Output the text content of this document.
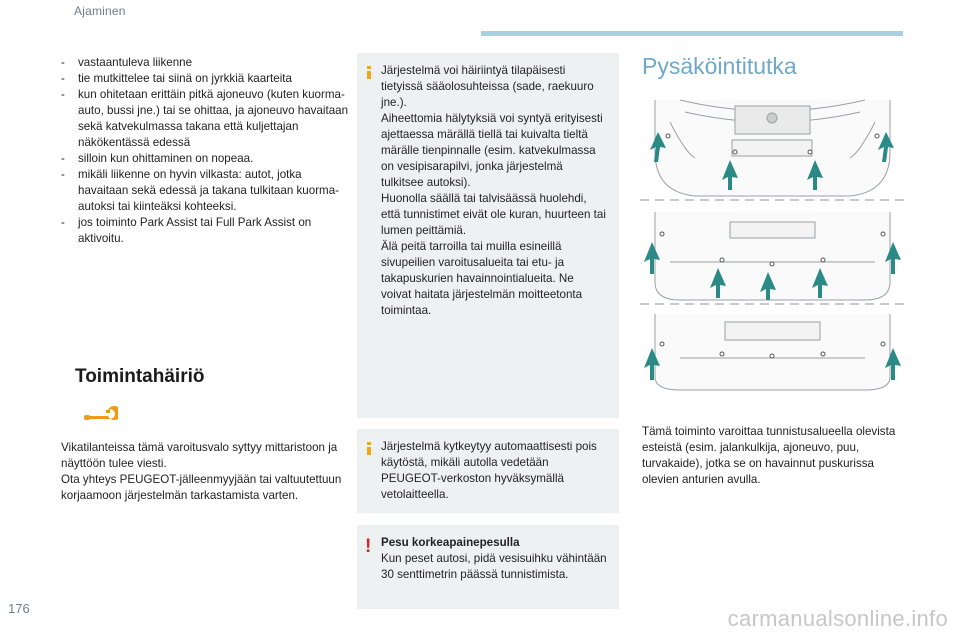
Ajaminen
- vastaantuleva liikenne
- tie mutkittelee tai siinä on jyrkkiä kaarteita
- kun ohitetaan erittäin pitkä ajoneuvo (kuten kuorma-auto, bussi jne.) tai se ohittaa, ja ajoneuvo havaitaan sekä katvekulmassa takana että kuljettajan näkökentässä edessä
- silloin kun ohittaminen on nopeaa.
- mikäli liikenne on hyvin vilkasta: autot, jotka havaitaan sekä edessä ja takana tulkitaan kuorma-autoksi tai kiinteäksi kohteeksi.
- jos toiminto Park Assist tai Full Park Assist on aktivoitu.
Toimintahäiriö

Vikatilanteissa tämä varoitusvalo syttyy mittaristoon ja näyttöön tulee viesti.
Ota yhteys PEUGEOT-jälleenmyyjään tai valtuutettuun korjaamoon järjestelmän tarkastamista varten.

Järjestelmä voi häiriintyä tilapäisesti tietyissä sääolosuhteissa (sade, raekuuro jne.).
Aiheettomia hälytyksiä voi syntyä erityisesti ajettaessa märällä tiellä tai kuivalta tieltä märälle tienpinnalle (esim. katvekulmassa on vesipisarapilvi, jonka järjestelmä tulkitsee autoksi).
Huonolla säällä tai talvisäässä huolehdi, että tunnistimet eivät ole kuran, huurteen tai lumen peittämiä.
Älä peitä tarroilla tai muilla esineillä sivupeilien varoitusalueita tai etu- ja takapuskurien havainnointialueita. Ne voivat haitata järjestelmän moitteetonta toimintaa.

Järjestelmä kytkeytyy automaattisesti pois käytöstä, mikäli autolla vedetään PEUGEOT-verkoston hyväksymällä vetolaitteella.

! Pesu korkeapainepesulla

Kun peset autosi, pidä vesisuihku vähintään 30 senttimetrin päässä tunnistimista.

Pysäköintitutka

Tämä toiminto varoittaa tunnistusalueella olevista esteistä (esim. jalankulkija, ajoneuvo, puu, turvakaide), jotka se on havainnut puskurissa olevien anturien avulla.

176	carmanualsonline.info
